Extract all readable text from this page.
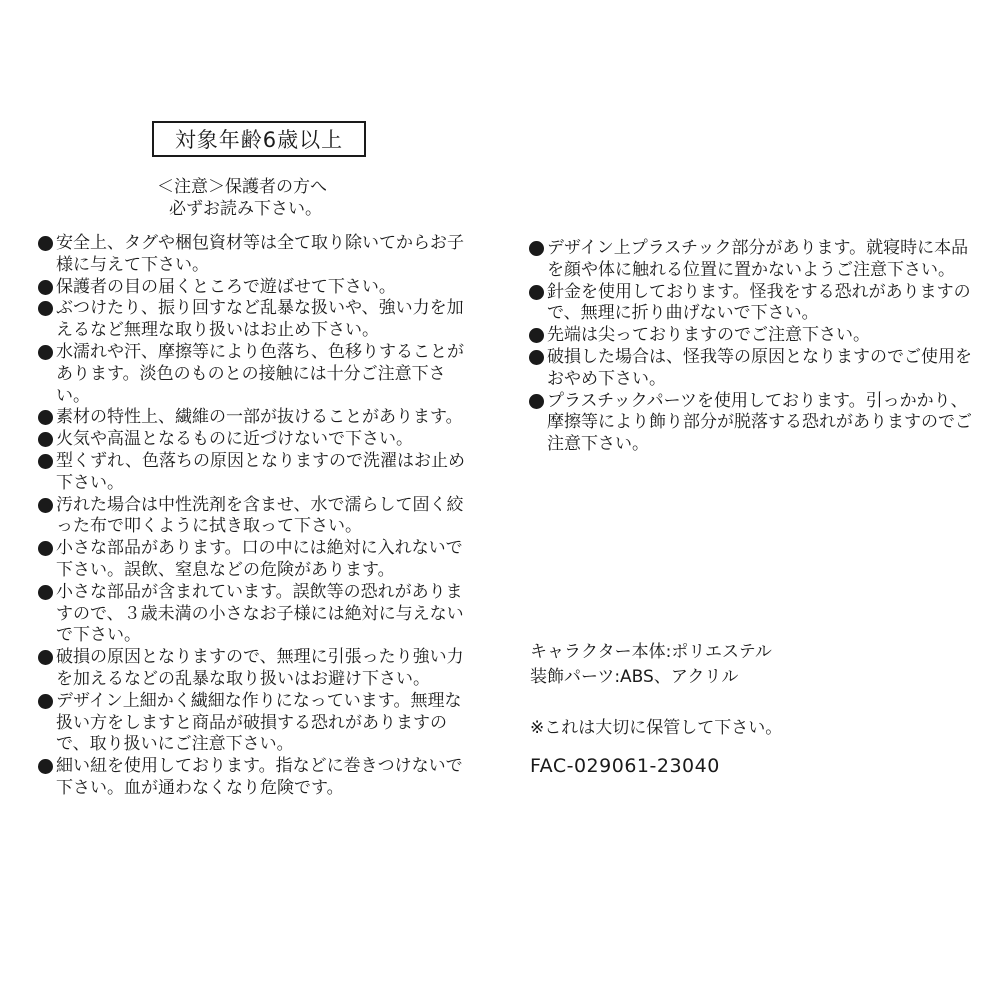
対象年齢6歳以上
＜注意＞保護者の方へ
必ずお読み下さい。
安全上、タグや梱包資材等は全て取り除いてからお子様に与えて下さい。
保護者の目の届くところで遊ばせて下さい。
ぶつけたり、振り回すなど乱暴な扱いや、強い力を加えるなど無理な取り扱いはお止め下さい。
水濡れや汗、摩擦等により色落ち、色移りすることがあります。淡色のものとの接触には十分ご注意下さい。
素材の特性上、繊維の一部が抜けることがあります。
火気や高温となるものに近づけないで下さい。
型くずれ、色落ちの原因となりますので洗濯はお止め下さい。
汚れた場合は中性洗剤を含ませ、水で濡らして固く絞った布で叩くように拭き取って下さい。
小さな部品があります。口の中には絶対に入れないで下さい。誤飲、窒息などの危険があります。
小さな部品が含まれています。誤飲等の恐れがありますので、３歳未満の小さなお子様には絶対に与えないで下さい。
破損の原因となりますので、無理に引張ったり強い力を加えるなどの乱暴な取り扱いはお避け下さい。
デザイン上細かく繊細な作りになっています。無理な扱い方をしますと商品が破損する恐れがありますので、取り扱いにご注意下さい。
細い紐を使用しております。指などに巻きつけないで下さい。血が通わなくなり危険です。
デザイン上プラスチック部分があります。就寝時に本品を顔や体に触れる位置に置かないようご注意下さい。
針金を使用しております。怪我をする恐れがありますので、無理に折り曲げないで下さい。
先端は尖っておりますのでご注意下さい。
破損した場合は、怪我等の原因となりますのでご使用をおやめ下さい。
プラスチックパーツを使用しております。引っかかり、摩擦等により飾り部分が脱落する恐れがありますのでご注意下さい。
キャラクター本体:ポリエステル
装飾パーツ:ABS、アクリル
※これは大切に保管して下さい。
FAC-029061-23040
